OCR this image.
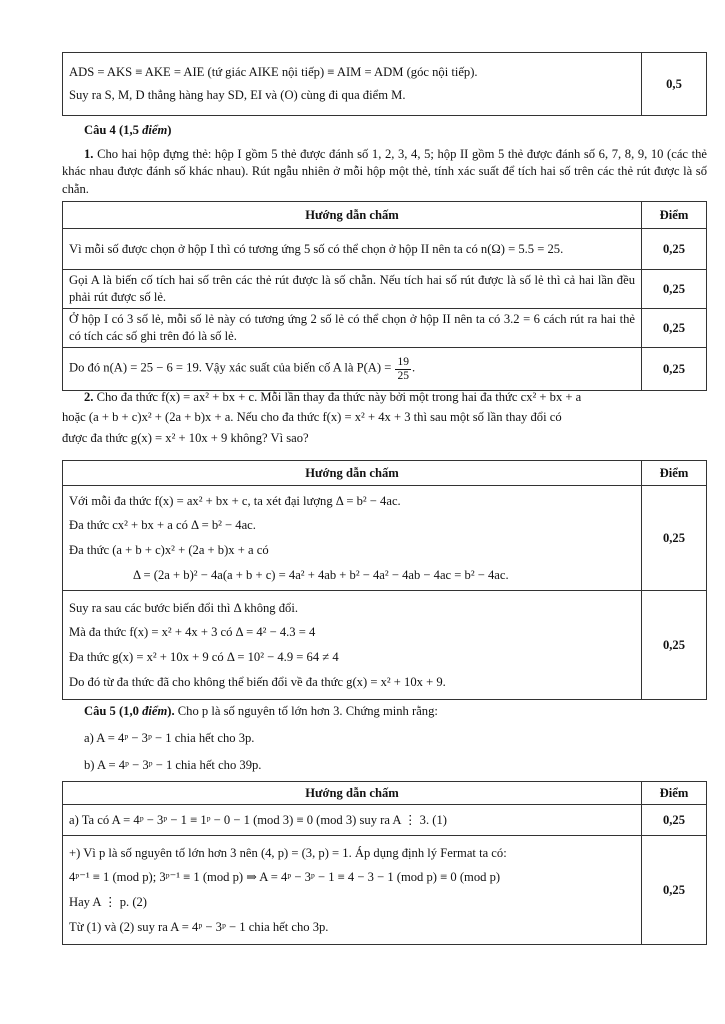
ADS = AKS ≡ AKE = AIE (tứ giác AIKE nội tiếp) ≡ AIM = ADM (góc nội tiếp).

Suy ra S, M, D thẳng hàng hay SD, EI và (O) cùng đi qua điểm M.

	0,5
Câu 4 (1,5 điểm)
1. Cho hai hộp đựng thẻ: hộp I gồm 5 thẻ được đánh số 1, 2, 3, 4, 5; hộp II gồm 5 thẻ được đánh số 6, 7, 8, 9, 10 (các thẻ khác nhau được đánh số khác nhau). Rút ngẫu nhiên ở mỗi hộp một thẻ, tính xác suất để tích hai số trên các thẻ rút được là số chẵn.
Hướng dẫn chấm	Điểm
Vì mỗi số được chọn ở hộp I thì có tương ứng 5 số có thể chọn ở hộp II nên ta có n(Ω) = 5.5 = 25.	0,25
Gọi A là biến cố tích hai số trên các thẻ rút được là số chẵn. Nếu tích hai số rút được là số lẻ thì cả hai lần đều phải rút được số lẻ.	0,25
Ở hộp I có 3 số lẻ, mỗi số lẻ này có tương ứng 2 số lẻ có thể chọn ở hộp II nên ta có 3.2 = 6 cách rút ra hai thẻ có tích các số ghi trên đó là số lẻ.	0,25
Do đó n(A) = 25 − 6 = 19. Vậy xác suất của biến cố A là $P(A) = \frac{19}{25}$ .	0,25

2. Cho đa thức f(x) = ax² + bx + c. Mỗi lần thay đa thức này bởi một trong hai đa thức cx² + bx + a

hoặc (a + b + c)x² + (2a + b)x + a. Nếu cho đa thức f(x) = x² + 4x + 3 thì sau một số lần thay đổi có

được đa thức g(x) = x² + 10x + 9 không? Vì sao?

Hướng dẫn chấm	Điểm

Với mỗi đa thức f(x) = ax² + bx + c, ta xét đại lượng Δ = b² − 4ac.

Đa thức cx² + bx + a có Δ = b² − 4ac.

Đa thức (a + b + c)x² + (2a + b)x + a có

Δ = (2a + b)² − 4a(a + b + c) = 4a² + 4ab + b² − 4a² − 4ab − 4ac = b² − 4ac.	0,25

Suy ra sau các bước biến đổi thì Δ không đổi.

Mà đa thức f(x) = x² + 4x + 3 có Δ = 4² − 4.3 = 4

Đa thức g(x) = x² + 10x + 9 có Δ = 10² − 4.9 = 64 ≠ 4

Do đó từ đa thức đã cho không thể biến đổi về đa thức g(x) = x² + 10x + 9.	0,25
Câu 5 (1,0 điểm). Cho p là số nguyên tố lớn hơn 3. Chứng minh rằng:
a) A = 4ᵖ − 3ᵖ − 1 chia hết cho 3p.
b) A = 4ᵖ − 3ᵖ − 1 chia hết cho 39p.
Hướng dẫn chấm	Điểm
a) Ta có A = 4ᵖ − 3ᵖ − 1 ≡ 1ᵖ − 0 − 1 (mod 3) ≡ 0 (mod 3) suy ra A ⋮ 3. (1)	0,25

+) Vì p là số nguyên tố lớn hơn 3 nên (4, p) = (3, p) = 1. Áp dụng định lý Fermat ta có:

4ᵖ⁻¹ ≡ 1 (mod p); 3ᵖ⁻¹ ≡ 1 (mod p) ⇒ A = 4ᵖ − 3ᵖ − 1 ≡ 4 − 3 − 1 (mod p) ≡ 0 (mod p)

Hay A ⋮ p. (2)

Từ (1) và (2) suy ra A = 4ᵖ − 3ᵖ − 1 chia hết cho 3p.	0,25
